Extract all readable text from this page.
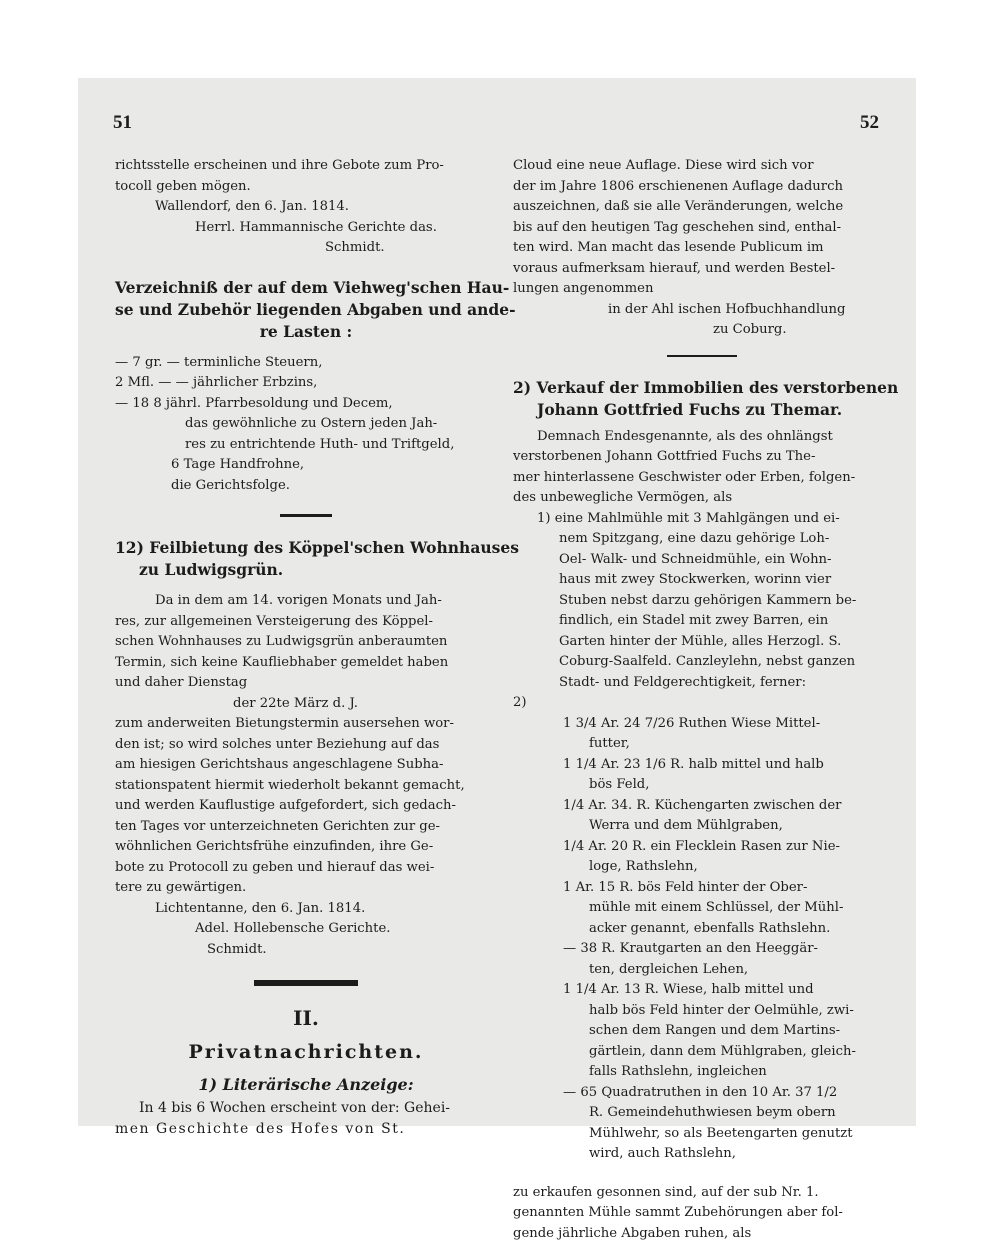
51	52
richtsstelle erscheinen und ihre Gebote zum Pro-
tocoll geben mögen.
Wallendorf, den 6. Jan. 1814.
Herrl. Hammannische Gerichte das.
Schmidt.
Verzeichniß der auf dem Viehweg'schen Hau-
se und Zubehör liegenden Abgaben und ande-
re Lasten :
— 7 gr. — terminliche Steuern,
2 Mfl. — — jährlicher Erbzins,
— 18 8 jährl. Pfarrbesoldung und Decem,
das gewöhnliche zu Ostern jeden Jah-
res zu entrichtende Huth- und Triftgeld,
6 Tage Handfrohne,
die Gerichtsfolge.
12) Feilbietung des Köppel'schen Wohnhauses
zu Ludwigsgrün.
Da in dem am 14. vorigen Monats und Jah-
res, zur allgemeinen Versteigerung des Köppel-
schen Wohnhauses zu Ludwigsgrün anberaumten
Termin, sich keine Kaufliebhaber gemeldet haben
und daher Dienstag
der 22te März d. J.
zum anderweiten Bietungstermin ausersehen wor-
den ist; so wird solches unter Beziehung auf das
am hiesigen Gerichtshaus angeschlagene Subha-
stationspatent hiermit wiederholt bekannt gemacht,
und werden Kauflustige aufgefordert, sich gedach-
ten Tages vor unterzeichneten Gerichten zur ge-
wöhnlichen Gerichtsfrühe einzufinden, ihre Ge-
bote zu Protocoll zu geben und hierauf das wei-
tere zu gewärtigen.
Lichtentanne, den 6. Jan. 1814.
Adel. Hollebensche Gerichte.
Schmidt.
II.
Privatnachrichten.
1) Literärische Anzeige:
In 4 bis 6 Wochen erscheint von der: Gehei-
men Geschichte des Hofes von St.
Cloud eine neue Auflage. Diese wird sich vor
der im Jahre 1806 erschienenen Auflage dadurch
auszeichnen, daß sie alle Veränderungen, welche
bis auf den heutigen Tag geschehen sind, enthal-
ten wird. Man macht das lesende Publicum im
voraus aufmerksam hierauf, und werden Bestel-
lungen angenommen
in der Ahl ischen Hofbuchhandlung
zu Coburg.
2) Verkauf der Immobilien des verstorbenen
Johann Gottfried Fuchs zu Themar.
Demnach Endesgenannte, als des ohnlängst
verstorbenen Johann Gottfried Fuchs zu The-
mer hinterlassene Geschwister oder Erben, folgen-
des unbewegliche Vermögen, als
1) eine Mahlmühle mit 3 Mahlgängen und ei-
nem Spitzgang, eine dazu gehörige Loh-
Oel- Walk- und Schneidmühle, ein Wohn-
haus mit zwey Stockwerken, worinn vier
Stuben nebst darzu gehörigen Kammern be-
findlich, ein Stadel mit zwey Barren, ein
Garten hinter der Mühle, alles Herzogl. S.
Coburg-Saalfeld. Canzleylehn, nebst ganzen
Stadt- und Feldgerechtigkeit, ferner:
2)
1 3/4 Ar. 24 7/26 Ruthen Wiese Mittel-
futter,
1 1/4 Ar. 23 1/6 R. halb mittel und halb
bös Feld,
1/4 Ar. 34. R. Küchengarten zwischen der
Werra und dem Mühlgraben,
1/4 Ar. 20 R. ein Flecklein Rasen zur Nie-
loge, Rathslehn,
1 Ar. 15 R. bös Feld hinter der Ober-
mühle mit einem Schlüssel, der Mühl-
acker genannt, ebenfalls Rathslehn.
— 38 R. Krautgarten an den Heeggär-
ten, dergleichen Lehen,
1 1/4 Ar. 13 R. Wiese, halb mittel und
halb bös Feld hinter der Oelmühle, zwi-
schen dem Rangen und dem Martins-
gärtlein, dann dem Mühlgraben, gleich-
falls Rathslehn, ingleichen
— 65 Quadratruthen in den 10 Ar. 37 1/2
R. Gemeindehuthwiesen beym obern
Mühlwehr, so als Beetengarten genutzt
wird, auch Rathslehn,
zu erkaufen gesonnen sind, auf der sub Nr. 1.
genannten Mühle sammt Zubehörungen aber fol-
gende jährliche Abgaben ruhen, als
